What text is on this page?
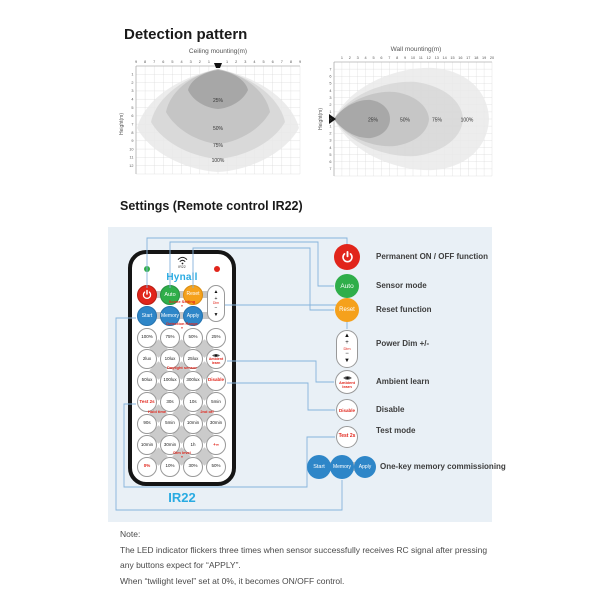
Detection pattern
Ceiling mounting(m)
Height(m)
25%
50%
75%
100%
9 8 7 6 5 4 3 2 1	1 2 3 4 5 6 7 8 9
1
2
3
4
5
6
7
8
9
10
11
12
Wall mounting(m)
Height(m)	25%	50%	75%	100%
1 2 3 4 5 6 7 8 9 10 11 12 13 14 15 16 17 18 19 20
7
6
5
4
3
2
1
0
1
2
3
4
5
6
7
Settings (Remote control IR22)
IR22
Hynall
Auto	Reset	▲
+
Dim
−
▼
Start	Memory	Apply
Scene Setting ▼
Detection Range ▼
Daylight sensor
Hold time	2nd off
Dim level ▼
100%	75%	50%	25%
2lux	10lux	25lux	Ambient learn
50lux	100lux	300lux	Disable
Test 2s	30s	10s	5min
90s	5min	10min	30min
10min	30min	1h	+∞
0%	10%	30%	50%
IR22
Auto
Reset
▲
+
Dim
−
▼
Ambient learn
Disable
Test 2s
Start	Memory	Apply
Permanent ON / OFF function
Sensor mode
Reset function
Power Dim +/-
Ambient learn
Disable
Test mode
One-key memory commissioning
Note:
The LED indicator flickers three times when sensor successfully receives RC signal after pressing
any buttons expect for “APPLY”.
When “twilight level” set at 0%, it becomes ON/OFF control.
